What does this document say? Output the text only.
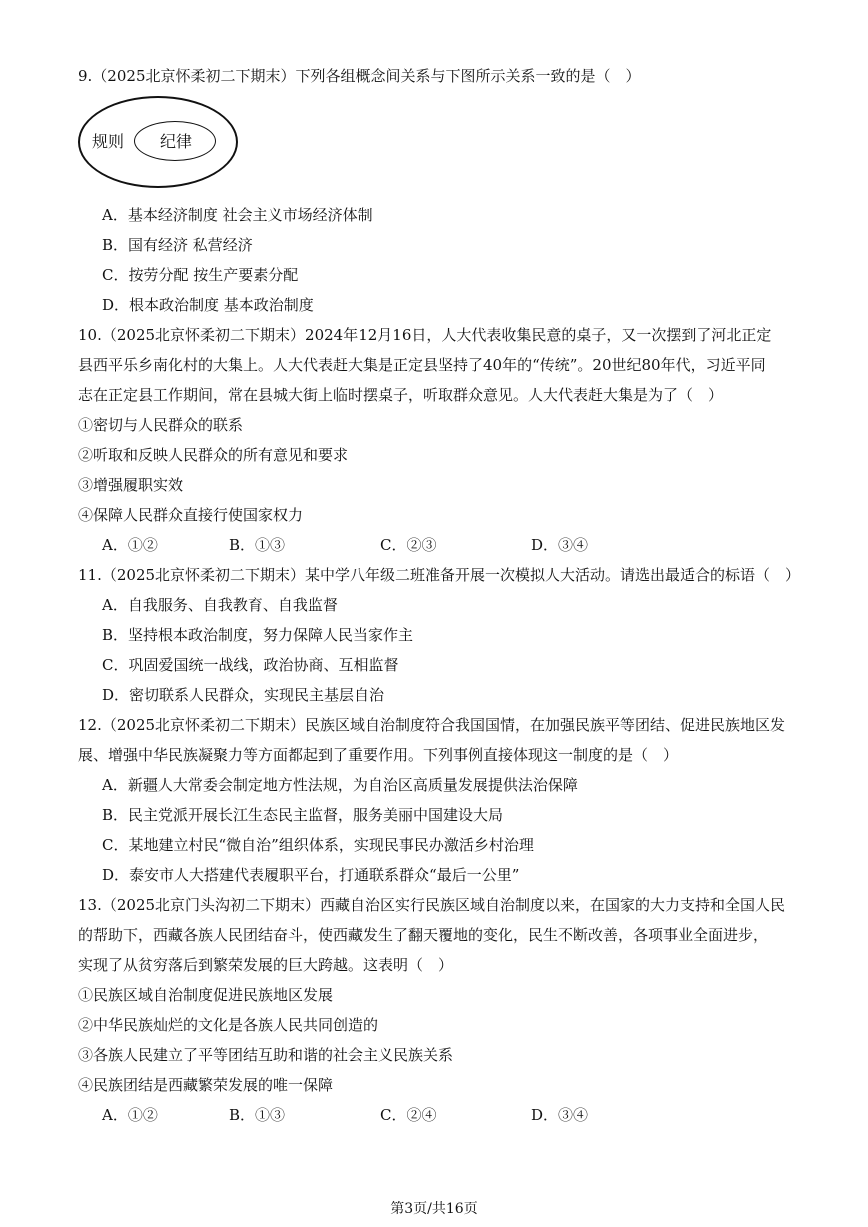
9.（2025北京怀柔初二下期末）下列各组概念间关系与下图所示关系一致的是（　）
规则 纪律
A．基本经济制度 社会主义市场经济体制
B．国有经济 私营经济
C．按劳分配 按生产要素分配
D．根本政治制度 基本政治制度
10.（2025北京怀柔初二下期末）2024年12月16日，人大代表收集民意的桌子，又一次摆到了河北正定
县西平乐乡南化村的大集上。人大代表赶大集是正定县坚持了40年的“传统”。20世纪80年代，习近平同
志在正定县工作期间，常在县城大街上临时摆桌子，听取群众意见。人大代表赶大集是为了（　）
①密切与人民群众的联系
②听取和反映人民群众的所有意见和要求
③增强履职实效
④保障人民群众直接行使国家权力
A．①②	B．①③	C．②③	D．③④
11.（2025北京怀柔初二下期末）某中学八年级二班准备开展一次模拟人大活动。请选出最适合的标语（　）
A．自我服务、自我教育、自我监督
B．坚持根本政治制度，努力保障人民当家作主
C．巩固爱国统一战线，政治协商、互相监督
D．密切联系人民群众，实现民主基层自治
12.（2025北京怀柔初二下期末）民族区域自治制度符合我国国情，在加强民族平等团结、促进民族地区发
展、增强中华民族凝聚力等方面都起到了重要作用。下列事例直接体现这一制度的是（　）
A．新疆人大常委会制定地方性法规，为自治区高质量发展提供法治保障
B．民主党派开展长江生态民主监督，服务美丽中国建设大局
C．某地建立村民“微自治”组织体系，实现民事民办激活乡村治理
D．泰安市人大搭建代表履职平台，打通联系群众“最后一公里”
13.（2025北京门头沟初二下期末）西藏自治区实行民族区域自治制度以来，在国家的大力支持和全国人民
的帮助下，西藏各族人民团结奋斗，使西藏发生了翻天覆地的变化，民生不断改善，各项事业全面进步，
实现了从贫穷落后到繁荣发展的巨大跨越。这表明（　）
①民族区域自治制度促进民族地区发展
②中华民族灿烂的文化是各族人民共同创造的
③各族人民建立了平等团结互助和谐的社会主义民族关系
④民族团结是西藏繁荣发展的唯一保障
A．①②	B．①③	C．②④	D．③④
第3页/共16页
